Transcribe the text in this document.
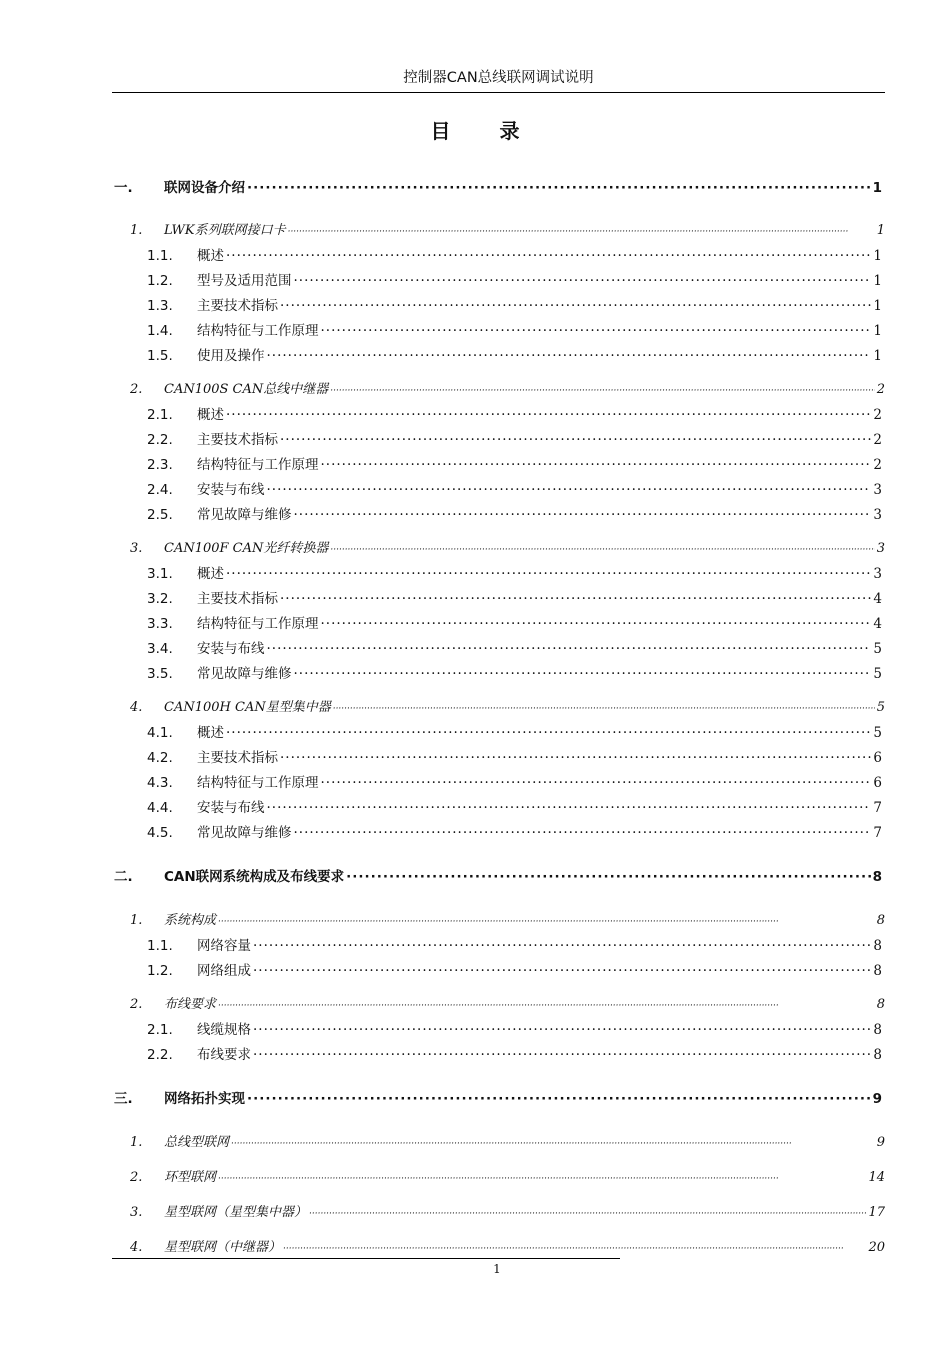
控制器CAN总线联网调试说明
目 录
一.	联网设备介绍 ·····	1
1.	LWK系列联网接口卡 ·····	1
1.1.	概述 ·····	1
1.2.	型号及适用范围 ·····	1
1.3.	主要技术指标 ·····	1
1.4.	结构特征与工作原理 ·····	1
1.5.	使用及操作 ·····	1
2.	CAN100S CAN总线中继器 ·····	2
2.1.	概述 ·····	2
2.2.	主要技术指标 ·····	2
2.3.	结构特征与工作原理 ·····	2
2.4.	安装与布线 ·····	3
2.5.	常见故障与维修 ·····	3
3.	CAN100F CAN光纤转换器 ·····	3
3.1.	概述 ·····	3
3.2.	主要技术指标 ·····	4
3.3.	结构特征与工作原理 ·····	4
3.4.	安装与布线 ·····	5
3.5.	常见故障与维修 ·····	5
4.	CAN100H CAN星型集中器 ·····	5
4.1.	概述 ·····	5
4.2.	主要技术指标 ·····	6
4.3.	结构特征与工作原理 ·····	6
4.4.	安装与布线 ·····	7
4.5.	常见故障与维修 ·····	7
二.	CAN联网系统构成及布线要求 ·····	8
1.	系统构成 ·····	8
1.1.	网络容量 ·····	8
1.2.	网络组成 ·····	8
2.	布线要求 ·····	8
2.1.	线缆规格 ·····	8
2.2.	布线要求 ·····	8
三.	网络拓扑实现 ·····	9
1.	总线型联网 ·····	9
2.	环型联网 ·····	14
3.	星型联网（星型集中器） ·····	17
4.	星型联网（中继器） ·····	20
1
